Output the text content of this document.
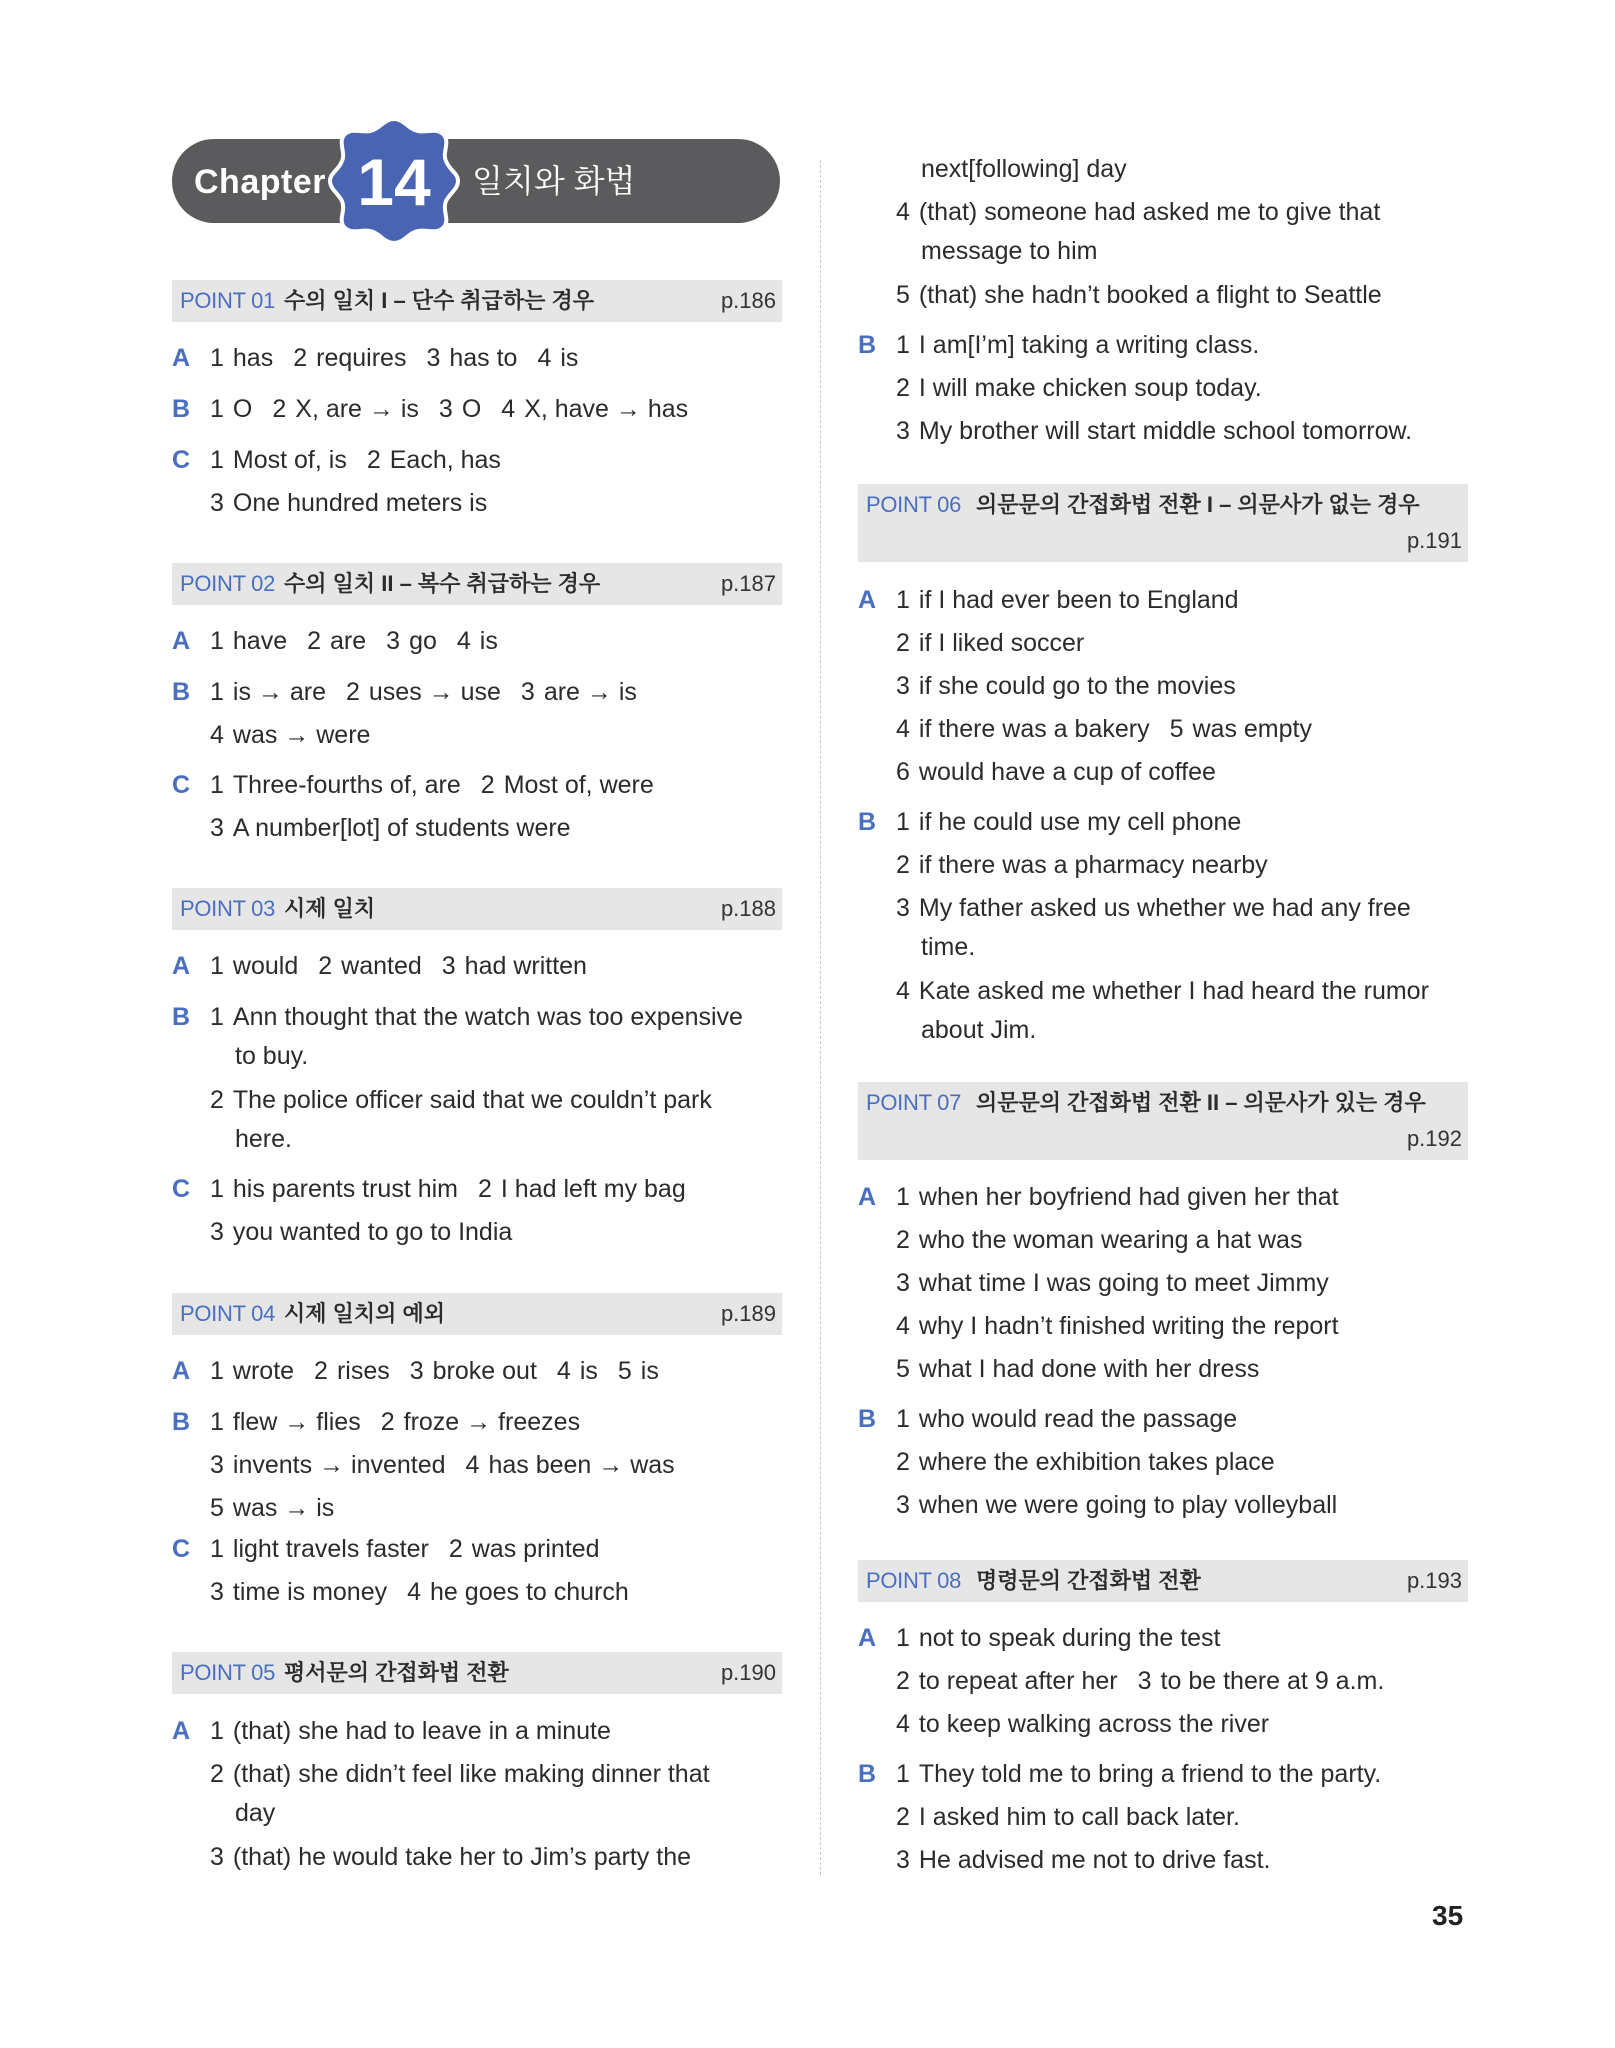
Chapter 14	일치와 화법
POINT 01 수의 일치 I – 단수 취급하는 경우	p.186
A 1 has 2 requires 3 has to 4 is
B 1 O 2 X, are → is 3 O 4 X, have → has
C 1 Most of, is 2 Each, has
3 One hundred meters is
POINT 02 수의 일치 II – 복수 취급하는 경우	p.187
A 1 have 2 are 3 go 4 is
B 1 is → are 2 uses → use 3 are → is
4 was → were
C 1 Three-fourths of, are 2 Most of, were
3 A number[lot] of students were
POINT 03 시제 일치	p.188
A 1 would 2 wanted 3 had written
B 1 Ann thought that the watch was too expensive
to buy.
2 The police officer said that we couldn’t park
here.
C 1 his parents trust him 2 I had left my bag
3 you wanted to go to India
POINT 04 시제 일치의 예외	p.189
A 1 wrote 2 rises 3 broke out 4 is 5 is
B 1 flew → flies 2 froze → freezes
3 invents → invented 4 has been → was
5 was → is
C 1 light travels faster 2 was printed
3 time is money 4 he goes to church
POINT 05 평서문의 간접화법 전환	p.190
A 1 (that) she had to leave in a minute
2 (that) she didn’t feel like making dinner that
day
3 (that) he would take her to Jim’s party the
next[following] day
4 (that) someone had asked me to give that
message to him
5 (that) she hadn’t booked a flight to Seattle
B 1 I am[I’m] taking a writing class.
2 I will make chicken soup today.
3 My brother will start middle school tomorrow.
POINT 06 의문문의 간접화법 전환 I – 의문사가 없는 경우
p.191
A 1 if I had ever been to England
2 if I liked soccer
3 if she could go to the movies
4 if there was a bakery 5 was empty
6 would have a cup of coffee
B 1 if he could use my cell phone
2 if there was a pharmacy nearby
3 My father asked us whether we had any free
time.
4 Kate asked me whether I had heard the rumor
about Jim.
POINT 07 의문문의 간접화법 전환 II – 의문사가 있는 경우
p.192
A 1 when her boyfriend had given her that
2 who the woman wearing a hat was
3 what time I was going to meet Jimmy
4 why I hadn’t finished writing the report
5 what I had done with her dress
B 1 who would read the passage
2 where the exhibition takes place
3 when we were going to play volleyball
POINT 08 명령문의 간접화법 전환	p.193
A 1 not to speak during the test
2 to repeat after her 3 to be there at 9 a.m.
4 to keep walking across the river
B 1 They told me to bring a friend to the party.
2 I asked him to call back later.
3 He advised me not to drive fast.
35
